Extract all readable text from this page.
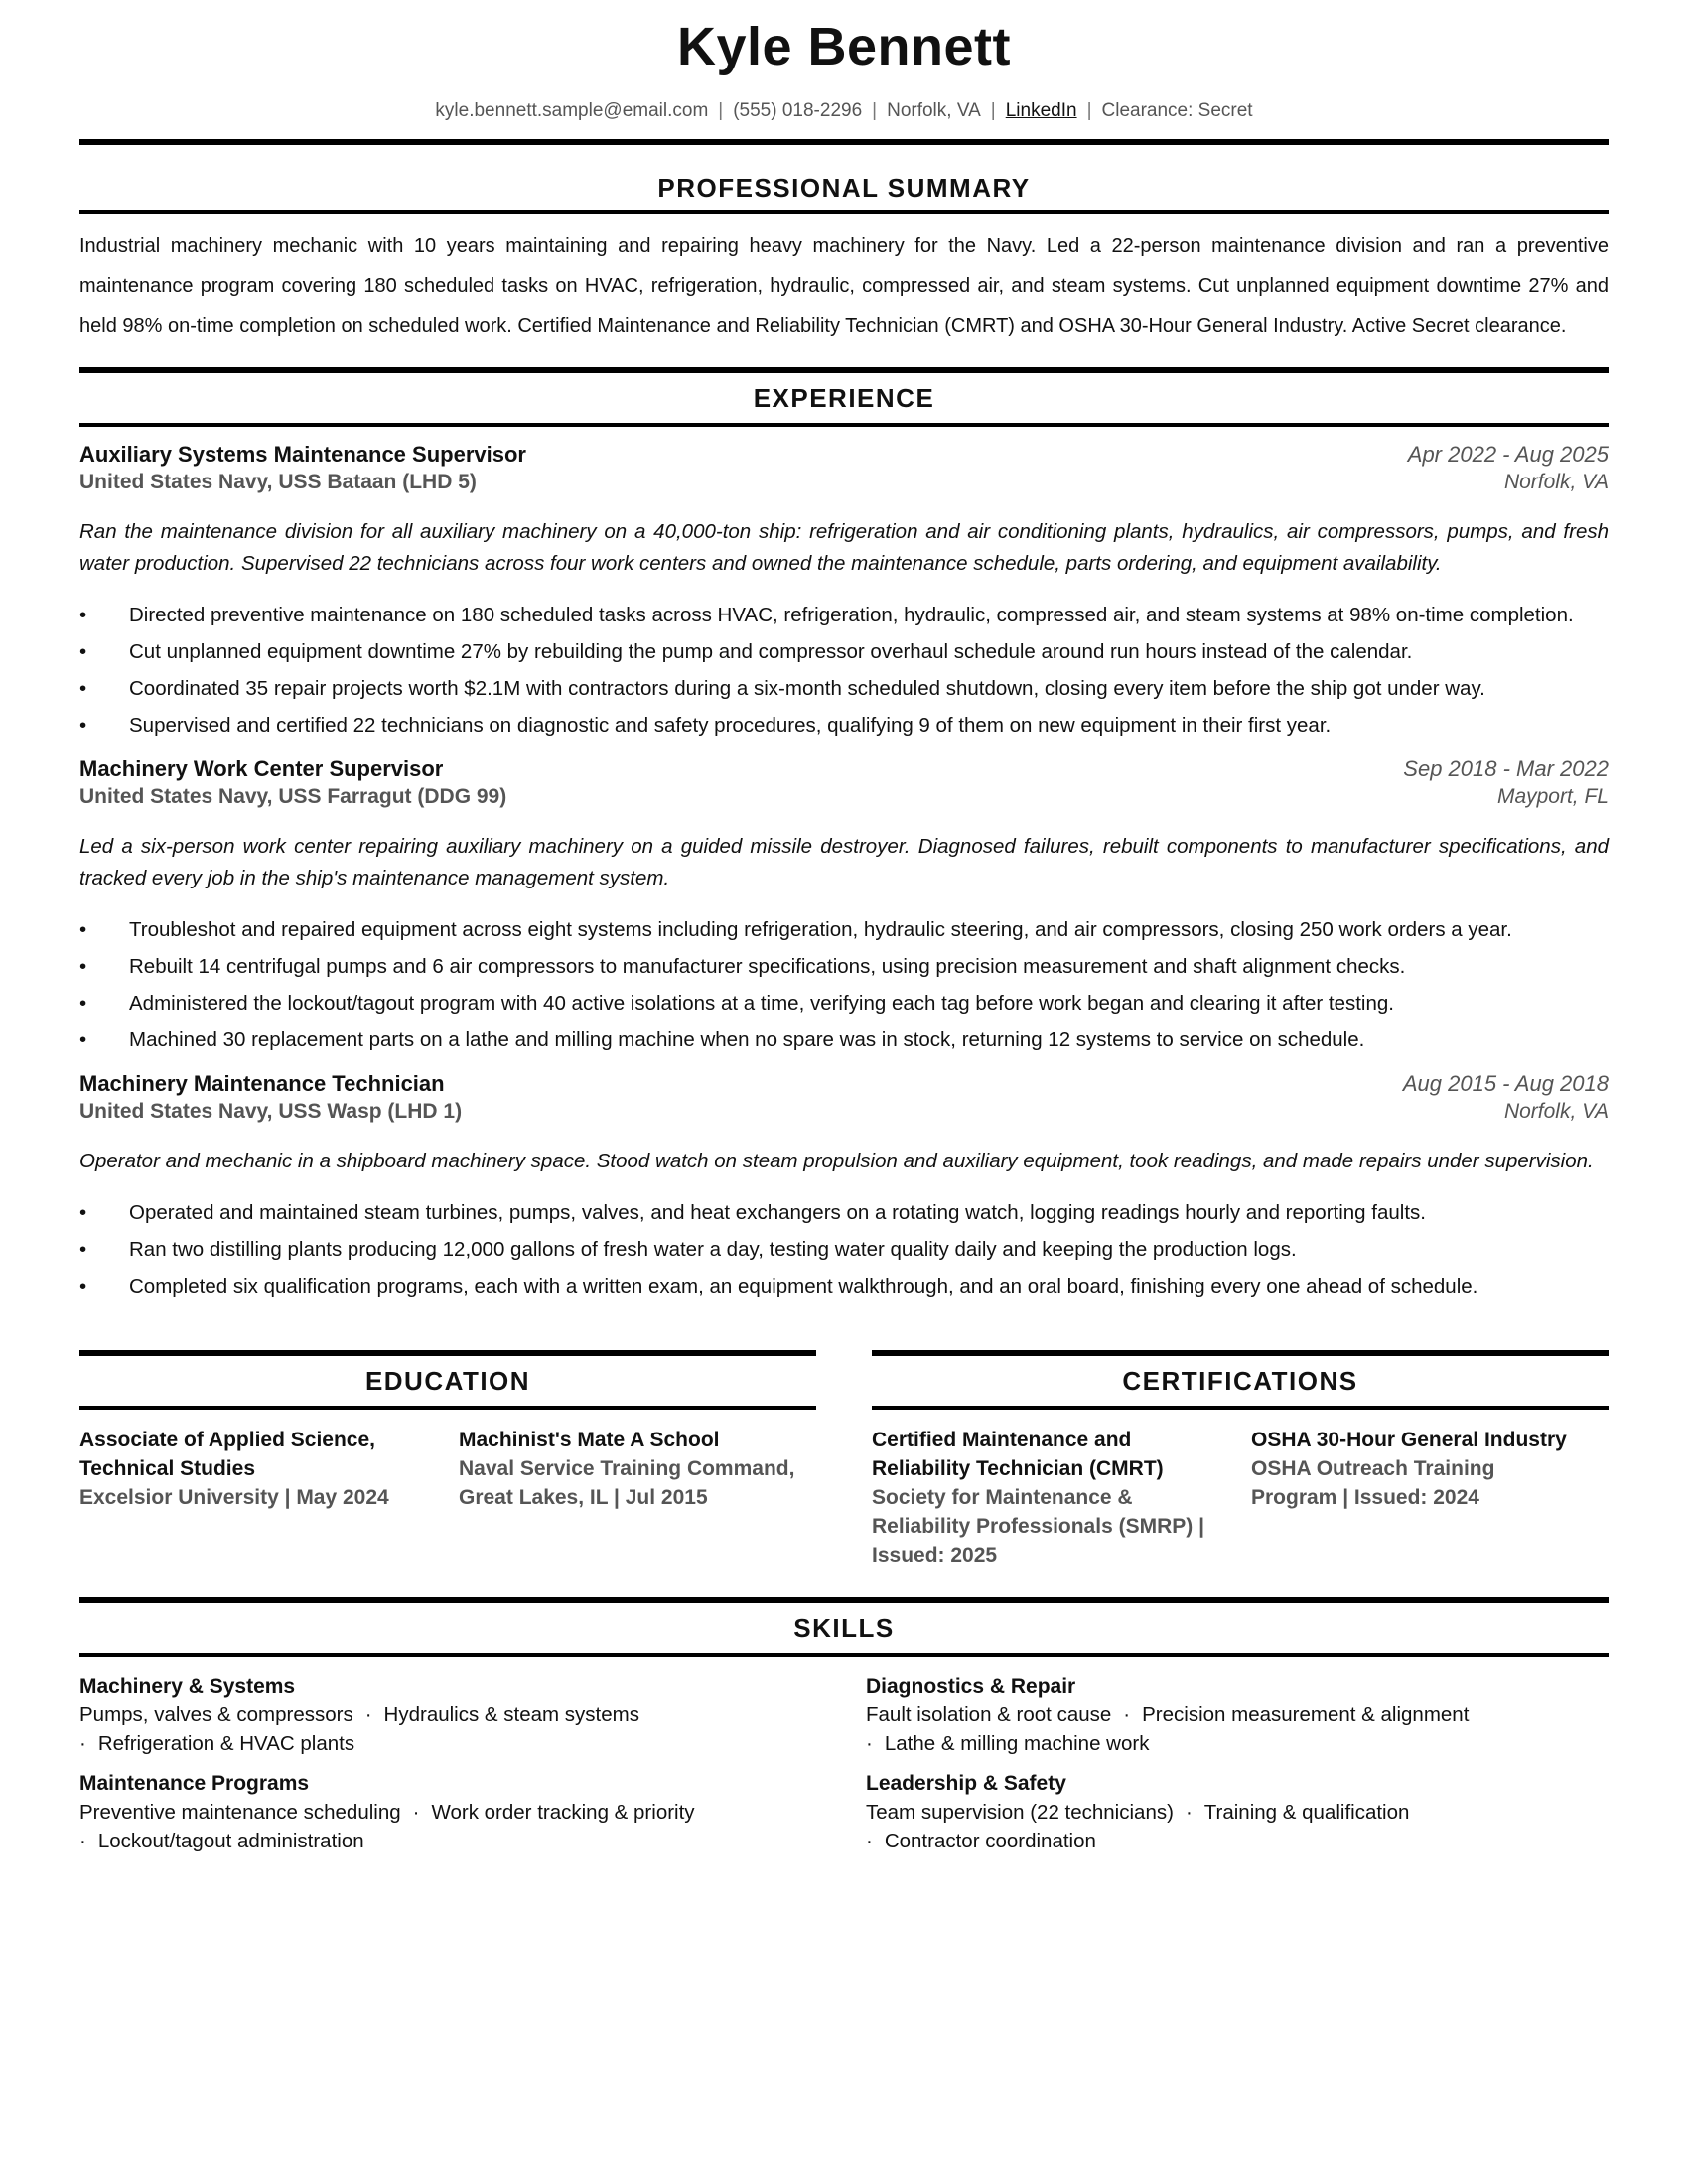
Kyle Bennett
kyle.bennett.sample@email.com | (555) 018-2296 | Norfolk, VA | LinkedIn | Clearance: Secret
PROFESSIONAL SUMMARY
Industrial machinery mechanic with 10 years maintaining and repairing heavy machinery for the Navy. Led a 22-person maintenance division and ran a preventive maintenance program covering 180 scheduled tasks on HVAC, refrigeration, hydraulic, compressed air, and steam systems. Cut unplanned equipment downtime 27% and held 98% on-time completion on scheduled work. Certified Maintenance and Reliability Technician (CMRT) and OSHA 30-Hour General Industry. Active Secret clearance.
EXPERIENCE
Auxiliary Systems Maintenance Supervisor	Apr 2022 - Aug 2025
United States Navy, USS Bataan (LHD 5)	Norfolk, VA
Ran the maintenance division for all auxiliary machinery on a 40,000-ton ship: refrigeration and air conditioning plants, hydraulics, air compressors, pumps, and fresh water production. Supervised 22 technicians across four work centers and owned the maintenance schedule, parts ordering, and equipment availability.
• Directed preventive maintenance on 180 scheduled tasks across HVAC, refrigeration, hydraulic, compressed air, and steam systems at 98% on-time completion.
• Cut unplanned equipment downtime 27% by rebuilding the pump and compressor overhaul schedule around run hours instead of the calendar.
• Coordinated 35 repair projects worth $2.1M with contractors during a six-month scheduled shutdown, closing every item before the ship got under way.
• Supervised and certified 22 technicians on diagnostic and safety procedures, qualifying 9 of them on new equipment in their first year.
Machinery Work Center Supervisor	Sep 2018 - Mar 2022
United States Navy, USS Farragut (DDG 99)	Mayport, FL
Led a six-person work center repairing auxiliary machinery on a guided missile destroyer. Diagnosed failures, rebuilt components to manufacturer specifications, and tracked every job in the ship's maintenance management system.
• Troubleshot and repaired equipment across eight systems including refrigeration, hydraulic steering, and air compressors, closing 250 work orders a year.
• Rebuilt 14 centrifugal pumps and 6 air compressors to manufacturer specifications, using precision measurement and shaft alignment checks.
• Administered the lockout/tagout program with 40 active isolations at a time, verifying each tag before work began and clearing it after testing.
• Machined 30 replacement parts on a lathe and milling machine when no spare was in stock, returning 12 systems to service on schedule.
Machinery Maintenance Technician	Aug 2015 - Aug 2018
United States Navy, USS Wasp (LHD 1)	Norfolk, VA
Operator and mechanic in a shipboard machinery space. Stood watch on steam propulsion and auxiliary equipment, took readings, and made repairs under supervision.
• Operated and maintained steam turbines, pumps, valves, and heat exchangers on a rotating watch, logging readings hourly and reporting faults.
• Ran two distilling plants producing 12,000 gallons of fresh water a day, testing water quality daily and keeping the production logs.
• Completed six qualification programs, each with a written exam, an equipment walkthrough, and an oral board, finishing every one ahead of schedule.
EDUCATION
Associate of Applied Science,
Technical Studies
Excelsior University | May 2024
Machinist's Mate A School
Naval Service Training Command,
Great Lakes, IL | Jul 2015
CERTIFICATIONS
Certified Maintenance and
Reliability Technician (CMRT)
Society for Maintenance &
Reliability Professionals (SMRP) |
Issued: 2025
OSHA 30-Hour General Industry
OSHA Outreach Training
Program | Issued: 2024
SKILLS
Machinery & Systems
Pumps, valves & compressors · Hydraulics & steam systems
· Refrigeration & HVAC plants
Maintenance Programs
Preventive maintenance scheduling · Work order tracking & priority
· Lockout/tagout administration
Diagnostics & Repair
Fault isolation & root cause · Precision measurement & alignment
· Lathe & milling machine work
Leadership & Safety
Team supervision (22 technicians) · Training & qualification
· Contractor coordination
